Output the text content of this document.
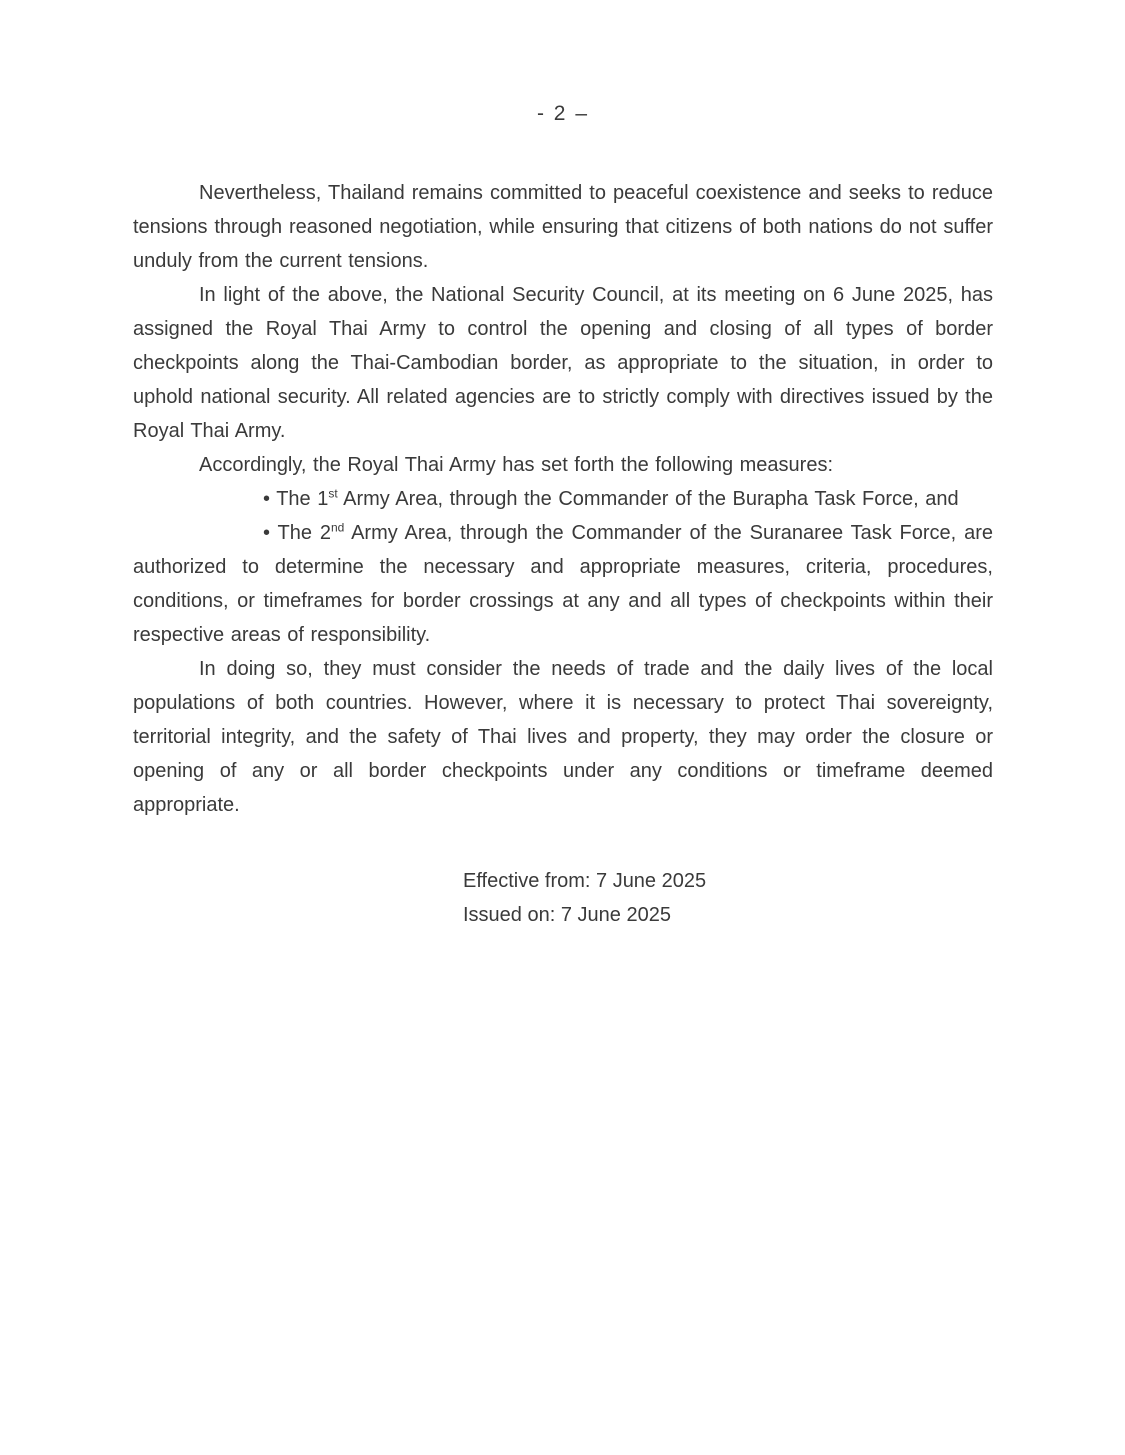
- 2 –

Nevertheless, Thailand remains committed to peaceful coexistence and seeks to reduce tensions through reasoned negotiation, while ensuring that citizens of both nations do not suffer unduly from the current tensions.

In light of the above, the National Security Council, at its meeting on 6 June 2025, has assigned the Royal Thai Army to control the opening and closing of all types of border checkpoints along the Thai-Cambodian border, as appropriate to the situation, in order to uphold national security. All related agencies are to strictly comply with directives issued by the Royal Thai Army.

Accordingly, the Royal Thai Army has set forth the following measures:

• The 1st Army Area, through the Commander of the Burapha Task Force, and

• The 2nd Army Area, through the Commander of the Suranaree Task Force, are authorized to determine the necessary and appropriate measures, criteria, procedures, conditions, or timeframes for border crossings at any and all types of checkpoints within their respective areas of responsibility.

In doing so, they must consider the needs of trade and the daily lives of the local populations of both countries. However, where it is necessary to protect Thai sovereignty, territorial integrity, and the safety of Thai lives and property, they may order the closure or opening of any or all border checkpoints under any conditions or timeframe deemed appropriate.

Effective from: 7 June 2025
Issued on: 7 June 2025
